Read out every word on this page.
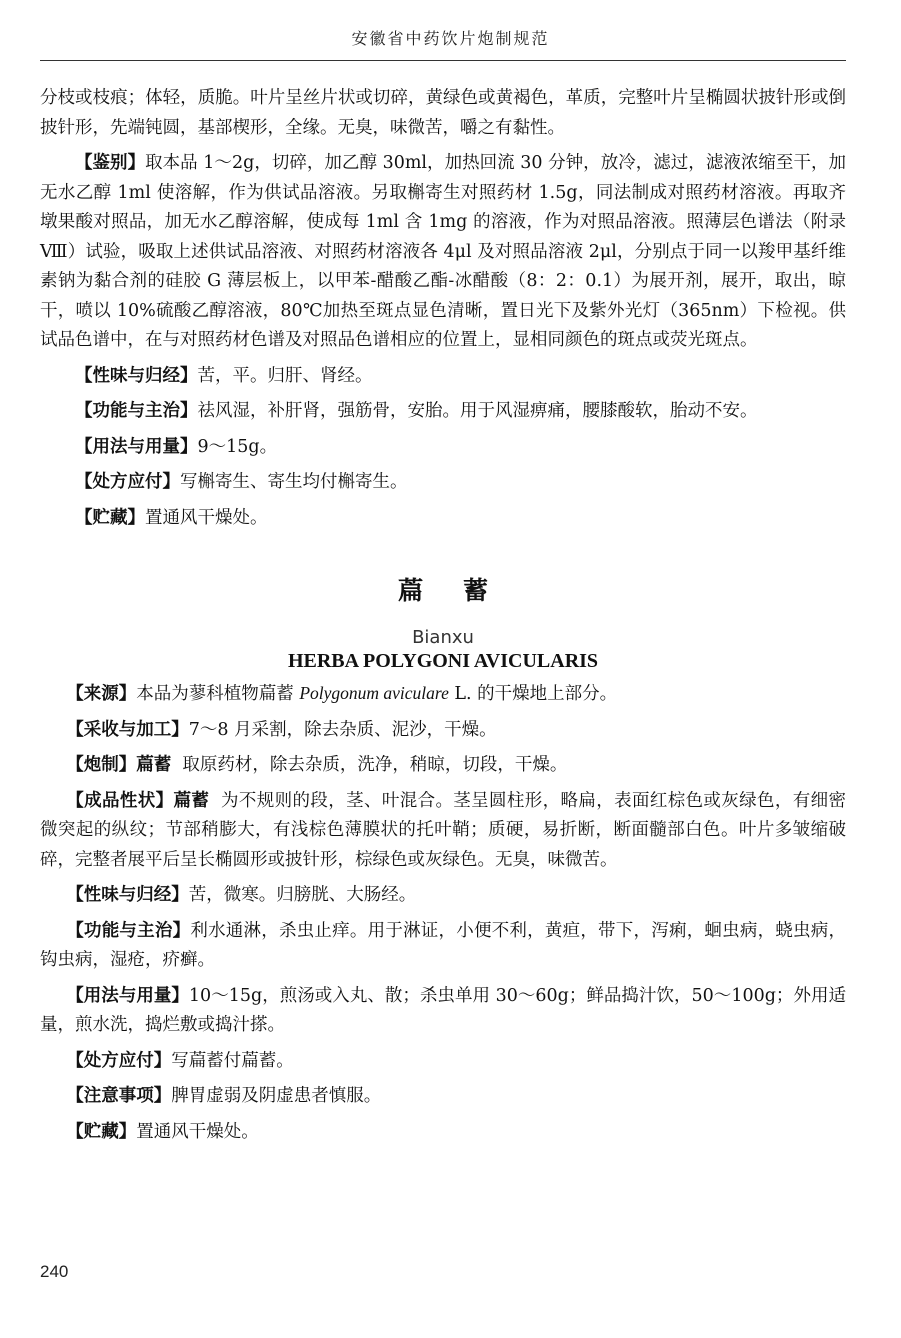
安徽省中药饮片炮制规范

分枝或枝痕；体轻，质脆。叶片呈丝片状或切碎，黄绿色或黄褐色，革质，完整叶片呈椭圆状披针形或倒披针形，先端钝圆，基部楔形，全缘。无臭，味微苦，嚼之有黏性。

【鉴别】取本品 1～2g，切碎，加乙醇 30ml，加热回流 30 分钟，放冷，滤过，滤液浓缩至干，加无水乙醇 1ml 使溶解，作为供试品溶液。另取槲寄生对照药材 1.5g，同法制成对照药材溶液。再取齐墩果酸对照品，加无水乙醇溶解，使成每 1ml 含 1mg 的溶液，作为对照品溶液。照薄层色谱法（附录Ⅷ）试验，吸取上述供试品溶液、对照药材溶液各 4μl 及对照品溶液 2μl，分别点于同一以羧甲基纤维素钠为黏合剂的硅胶 G 薄层板上，以甲苯-醋酸乙酯-冰醋酸（8：2：0.1）为展开剂，展开，取出，晾干，喷以 10%硫酸乙醇溶液，80℃加热至斑点显色清晰，置日光下及紫外光灯（365nm）下检视。供试品色谱中，在与对照药材色谱及对照品色谱相应的位置上，显相同颜色的斑点或荧光斑点。

【性味与归经】苦，平。归肝、肾经。

【功能与主治】祛风湿，补肝肾，强筋骨，安胎。用于风湿痹痛，腰膝酸软，胎动不安。

【用法与用量】9～15g。

【处方应付】写槲寄生、寄生均付槲寄生。

【贮藏】置通风干燥处。

萹蓄
Bianxu
HERBA POLYGONI AVICULARIS

【来源】本品为蓼科植物萹蓄 Polygonum aviculare L. 的干燥地上部分。

【采收与加工】7～8 月采割，除去杂质、泥沙，干燥。

【炮制】萹蓄 取原药材，除去杂质，洗净，稍晾，切段，干燥。

【成品性状】萹蓄 为不规则的段，茎、叶混合。茎呈圆柱形，略扁，表面红棕色或灰绿色，有细密微突起的纵纹；节部稍膨大，有浅棕色薄膜状的托叶鞘；质硬，易折断，断面髓部白色。叶片多皱缩破碎，完整者展平后呈长椭圆形或披针形，棕绿色或灰绿色。无臭，味微苦。

【性味与归经】苦，微寒。归膀胱、大肠经。

【功能与主治】利水通淋，杀虫止痒。用于淋证，小便不利，黄疸，带下，泻痢，蛔虫病，蛲虫病，钩虫病，湿疮，疥癣。

【用法与用量】10～15g，煎汤或入丸、散；杀虫单用 30～60g；鲜品捣汁饮，50～100g；外用适量，煎水洗，捣烂敷或捣汁搽。

【处方应付】写萹蓄付萹蓄。

【注意事项】脾胃虚弱及阴虚患者慎服。

【贮藏】置通风干燥处。

240
